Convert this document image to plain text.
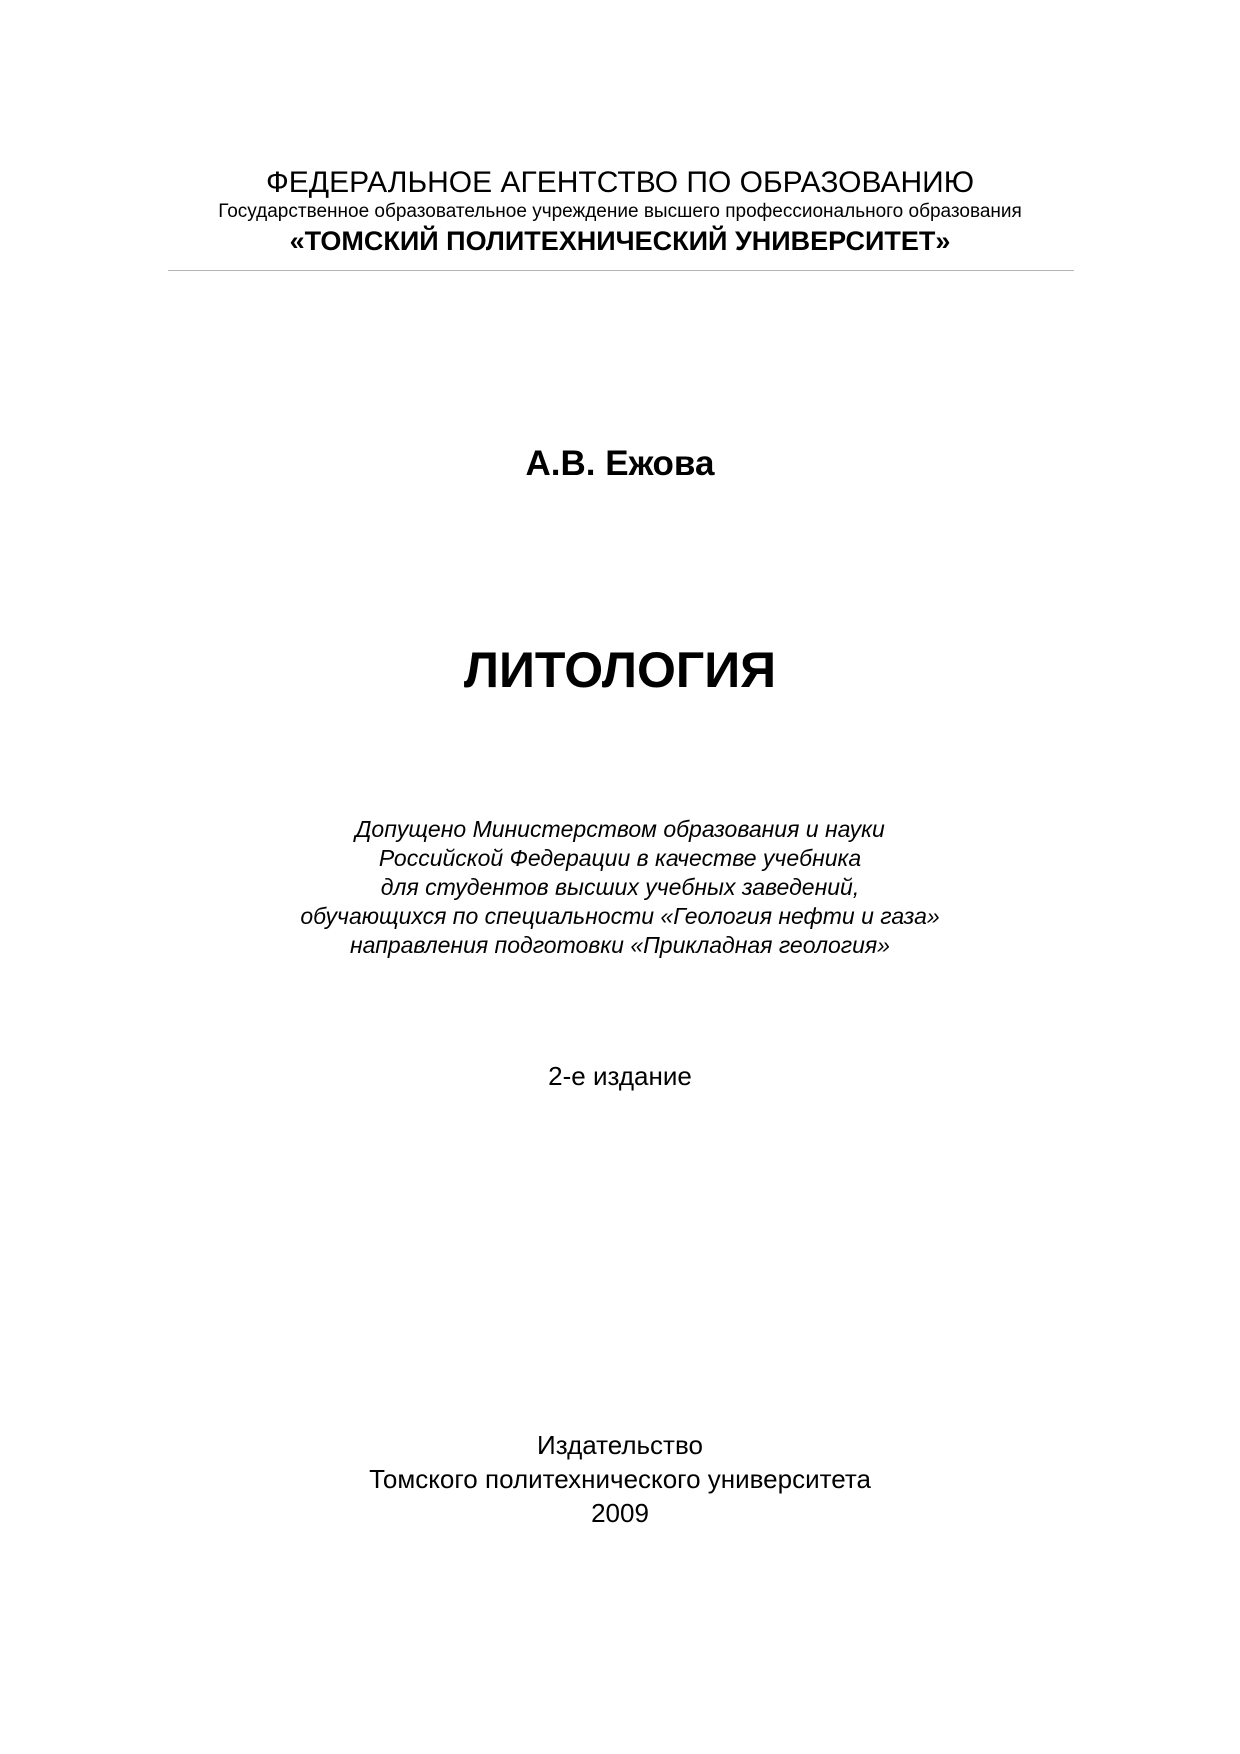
ФЕДЕРАЛЬНОЕ АГЕНТСТВО ПО ОБРАЗОВАНИЮ
Государственное образовательное учреждение высшего профессионального образования
«ТОМСКИЙ ПОЛИТЕХНИЧЕСКИЙ УНИВЕРСИТЕТ»
А.В. Ежова
ЛИТОЛОГИЯ
Допущено Министерством образования и науки
Российской Федерации в качестве учебника
для студентов высших учебных заведений,
обучающихся по специальности «Геология нефти и газа»
направления подготовки «Прикладная геология»
2-е издание
Издательство
Томского политехнического университета
2009
